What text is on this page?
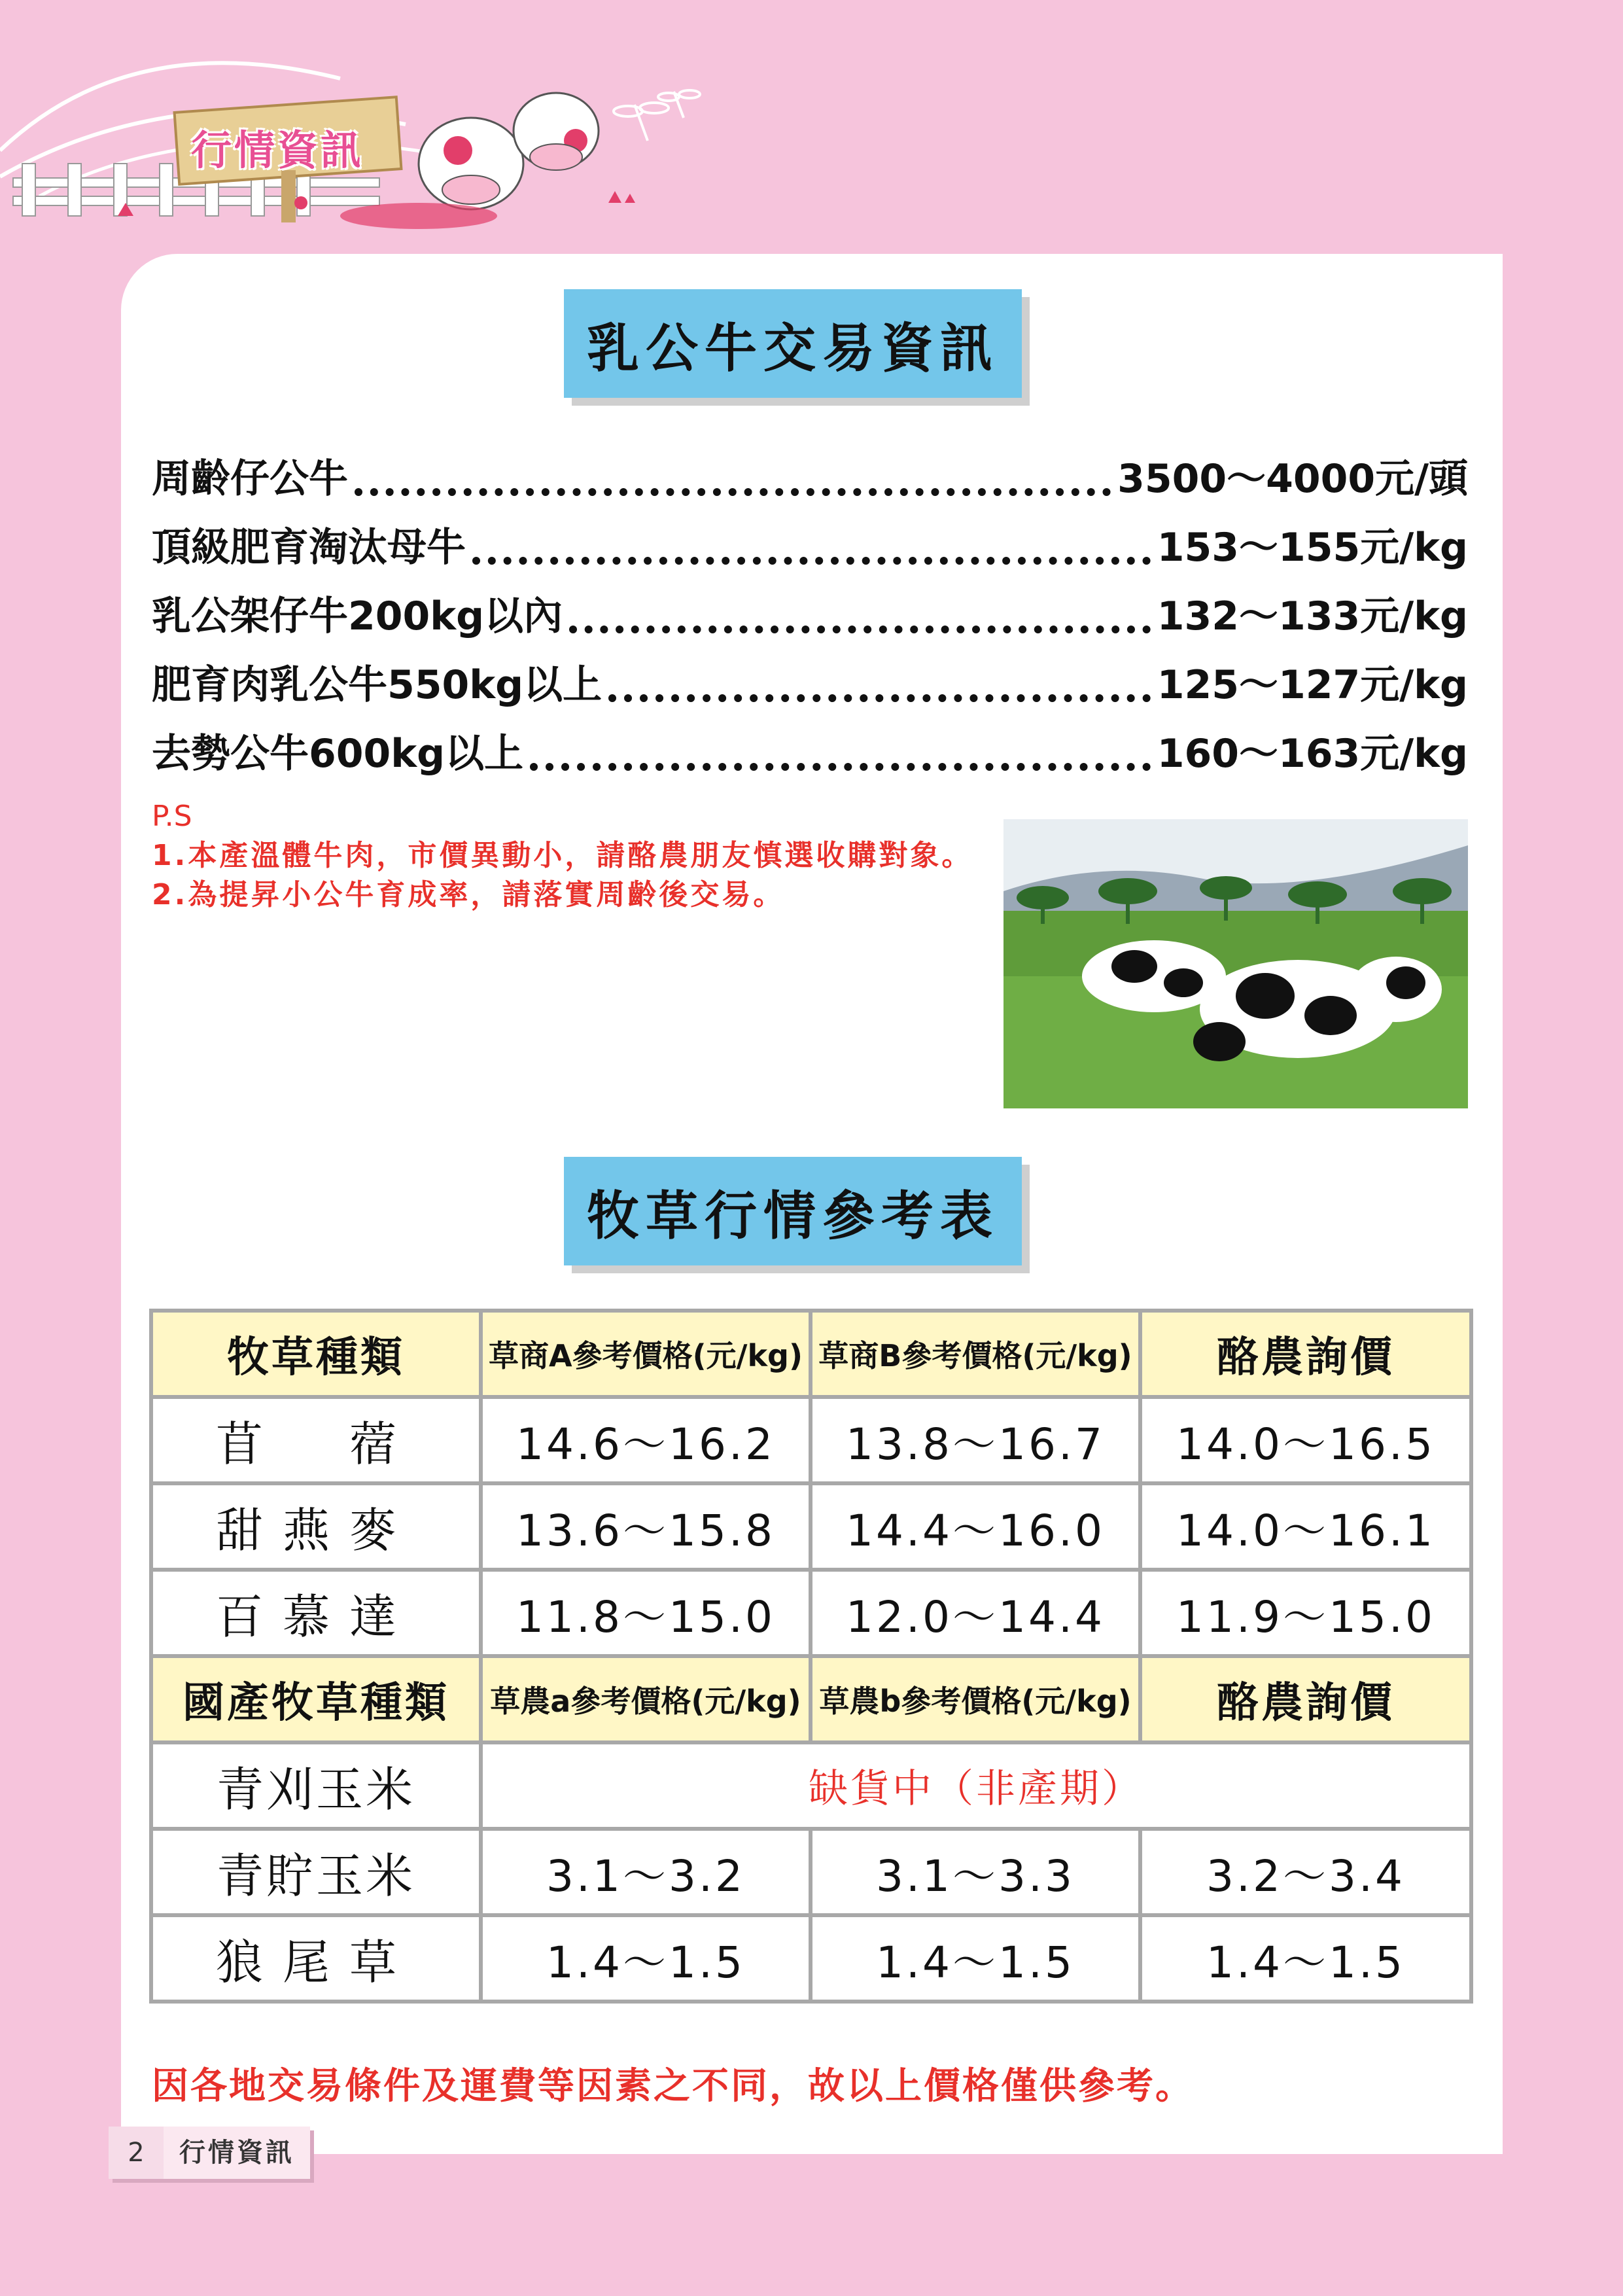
行情資訊
乳公牛交易資訊
周齡仔公牛	3500～4000元/頭
頂級肥育淘汰母牛	153～155元/kg
乳公架仔牛200kg以內	132～133元/kg
肥育肉乳公牛550kg以上	125～127元/kg
去勢公牛600kg以上	160～163元/kg
P.S
1.本產溫體牛肉，市價異動小，請酪農朋友慎選收購對象。
2.為提昇小公牛育成率，請落實周齡後交易。
牧草行情參考表
牧草種類	草商A參考價格(元/kg)	草商B參考價格(元/kg)	酪農詢價
苜　蓿	14.6～16.2	13.8～16.7	14.0～16.5
甜燕麥	13.6～15.8	14.4～16.0	14.0～16.1
百慕達	11.8～15.0	12.0～14.4	11.9～15.0
國產牧草種類	草農a參考價格(元/kg)	草農b參考價格(元/kg)	酪農詢價
青刈玉米	缺貨中（非產期）		
青貯玉米	3.1～3.2	3.1～3.3	3.2～3.4
狼尾草	1.4～1.5	1.4～1.5	1.4～1.5
因各地交易條件及運費等因素之不同，故以上價格僅供參考。
2	行情資訊
